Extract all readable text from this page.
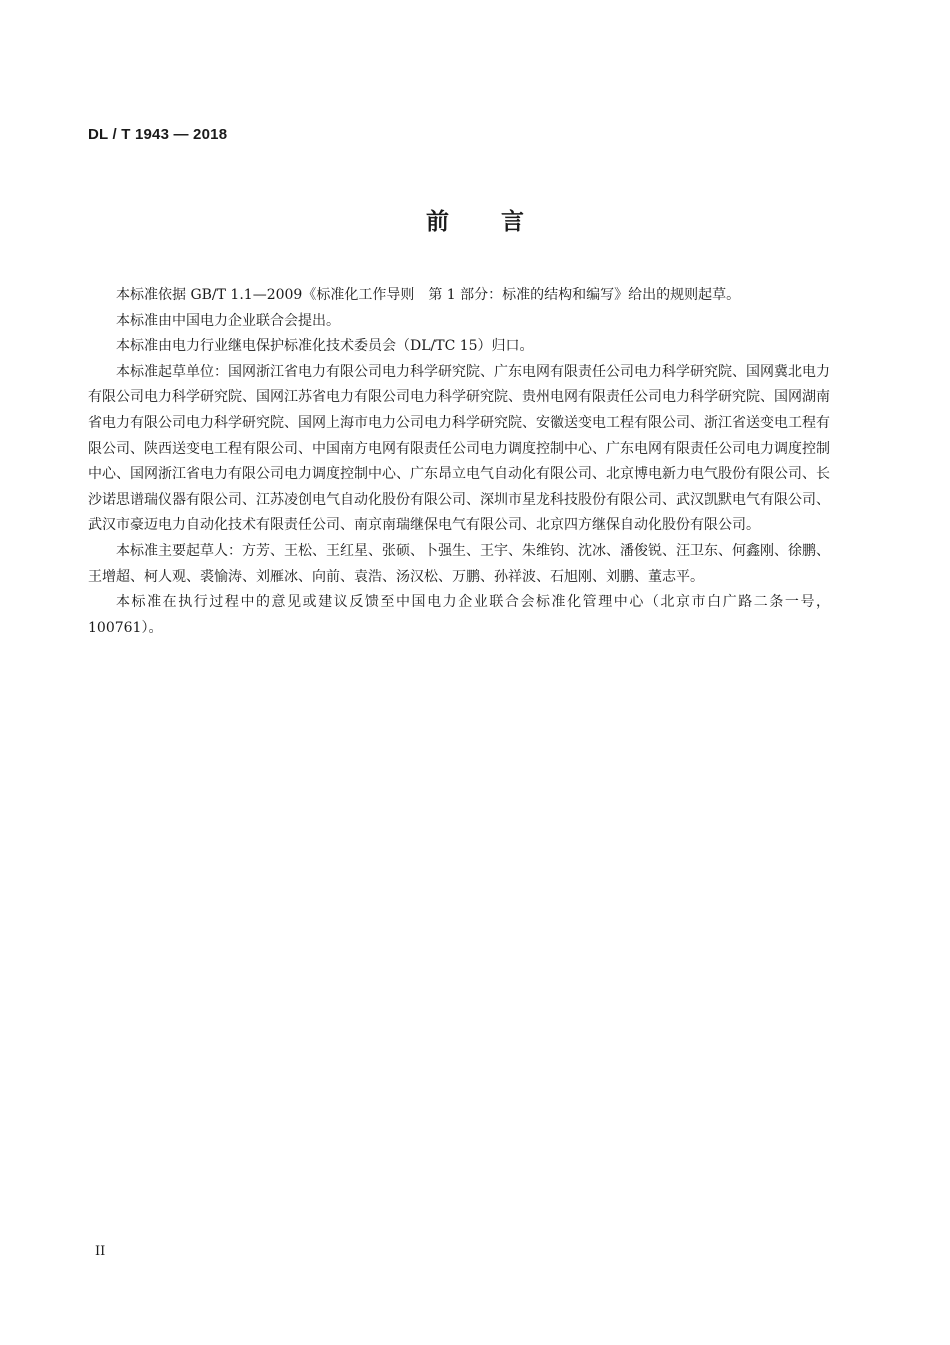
DL / T 1943 — 2018
前 言

本标准依据 GB/T 1.1—2009《标准化工作导则　第 1 部分：标准的结构和编写》给出的规则起草。

本标准由中国电力企业联合会提出。

本标准由电力行业继电保护标准化技术委员会（DL/TC 15）归口。

本标准起草单位：国网浙江省电力有限公司电力科学研究院、广东电网有限责任公司电力科学研究院、国网冀北电力有限公司电力科学研究院、国网江苏省电力有限公司电力科学研究院、贵州电网有限责任公司电力科学研究院、国网湖南省电力有限公司电力科学研究院、国网上海市电力公司电力科学研究院、安徽送变电工程有限公司、浙江省送变电工程有限公司、陕西送变电工程有限公司、中国南方电网有限责任公司电力调度控制中心、广东电网有限责任公司电力调度控制中心、国网浙江省电力有限公司电力调度控制中心、广东昂立电气自动化有限公司、北京博电新力电气股份有限公司、长沙诺思谱瑞仪器有限公司、江苏凌创电气自动化股份有限公司、深圳市星龙科技股份有限公司、武汉凯默电气有限公司、武汉市豪迈电力自动化技术有限责任公司、南京南瑞继保电气有限公司、北京四方继保自动化股份有限公司。

本标准主要起草人：方芳、王松、王红星、张硕、卜强生、王宇、朱维钧、沈冰、潘俊锐、汪卫东、何鑫刚、徐鹏、王增超、柯人观、裘愉涛、刘雁冰、向前、袁浩、汤汉松、万鹏、孙祥波、石旭刚、刘鹏、董志平。

本标准在执行过程中的意见或建议反馈至中国电力企业联合会标准化管理中心（北京市白广路二条一号，100761）。

II
